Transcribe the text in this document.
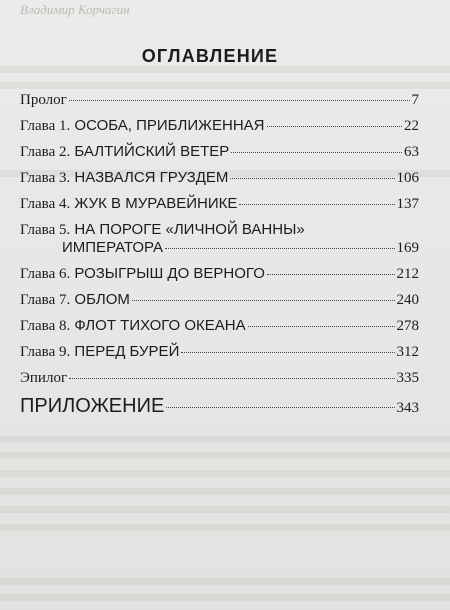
Владимир Корчагин
ОГЛАВЛЕНИЕ
Пролог	7
Глава 1. ОСОБА, ПРИБЛИЖЕННАЯ	22
Глава 2. БАЛТИЙСКИЙ ВЕТЕР	63
Глава 3. НАЗВАЛСЯ ГРУЗДЕМ	106
Глава 4. ЖУК В МУРАВЕЙНИКЕ	137
Глава 5. НА ПОРОГЕ «ЛИЧНОЙ ВАННЫ»
ИМПЕРАТОРА	169
Глава 6. РОЗЫГРЫШ ДО ВЕРНОГО	212
Глава 7. ОБЛОМ	240
Глава 8. ФЛОТ ТИХОГО ОКЕАНА	278
Глава 9. ПЕРЕД БУРЕЙ	312
Эпилог	335
ПРИЛОЖЕНИЕ	343
